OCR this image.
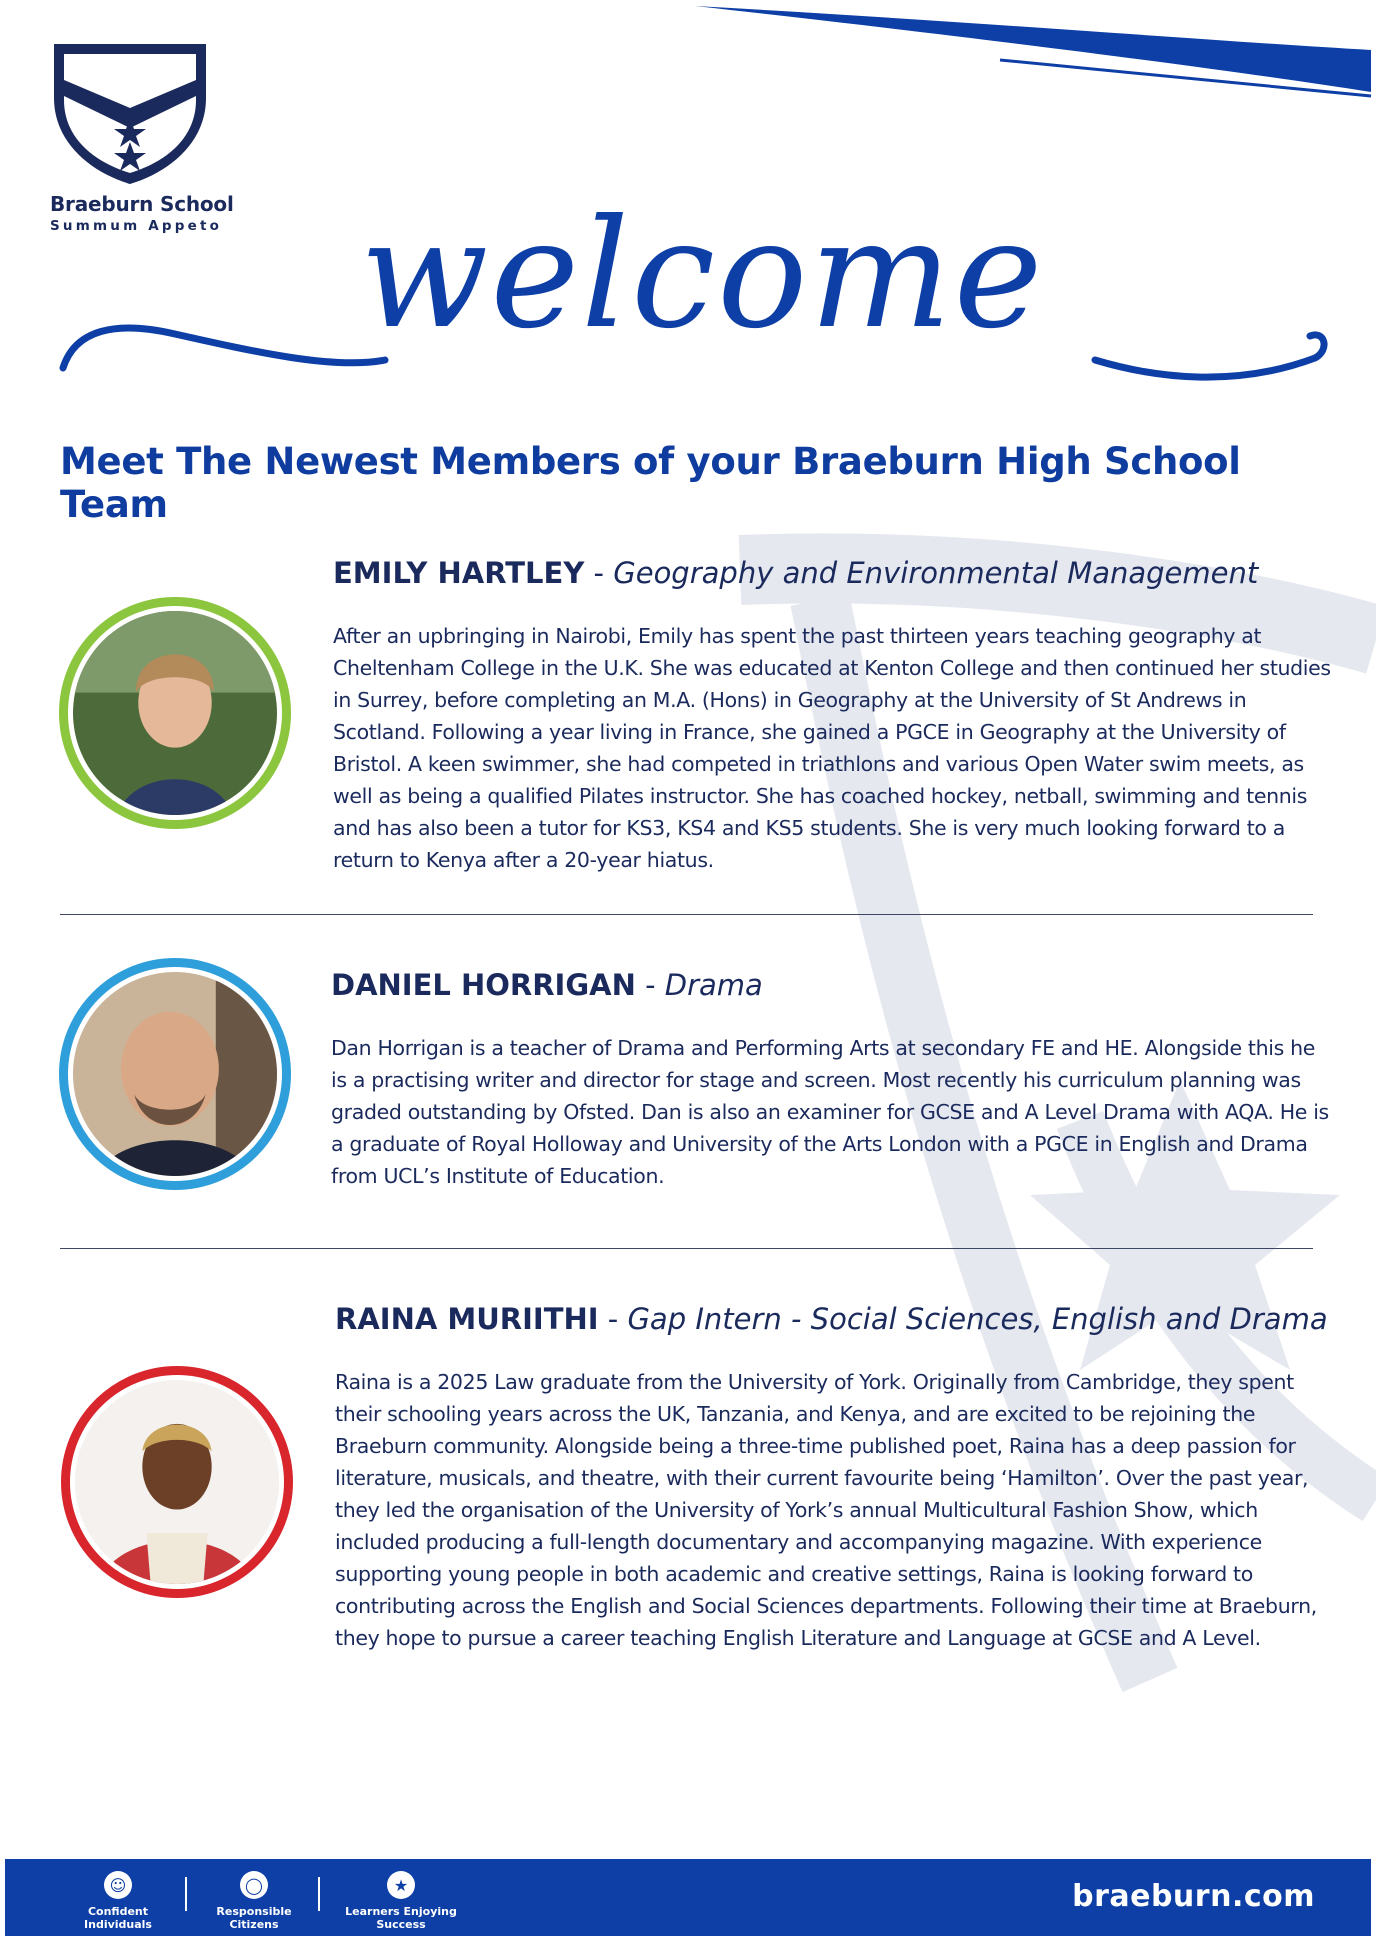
Braeburn School
Summum Appeto welcome
Meet The Newest Members of your Braeburn High School Team
EMILY HARTLEY - Geography and Environmental Management
After an upbringing in Nairobi, Emily has spent the past thirteen years teaching geography at Cheltenham College in the U.K. She was educated at Kenton College and then continued her studies in Surrey, before completing an M.A. (Hons) in Geography at the University of St Andrews in Scotland. Following a year living in France, she gained a PGCE in Geography at the University of Bristol. A keen swimmer, she had competed in triathlons and various Open Water swim meets, as well as being a qualified Pilates instructor. She has coached hockey, netball, swimming and tennis and has also been a tutor for KS3, KS4 and KS5 students. She is very much looking forward to a return to Kenya after a 20-year hiatus.
DANIEL HORRIGAN - Drama
Dan Horrigan is a teacher of Drama and Performing Arts at secondary FE and HE. Alongside this he is a practising writer and director for stage and screen. Most recently his curriculum planning was graded outstanding by Ofsted. Dan is also an examiner for GCSE and A Level Drama with AQA. He is a graduate of Royal Holloway and University of the Arts London with a PGCE in English and Drama from UCL’s Institute of Education.
RAINA MURIITHI - Gap Intern - Social Sciences, English and Drama
Raina is a 2025 Law graduate from the University of York. Originally from Cambridge, they spent their schooling years across the UK, Tanzania, and Kenya, and are excited to be rejoining the Braeburn community. Alongside being a three-time published poet, Raina has a deep passion for literature, musicals, and theatre, with their current favourite being ‘Hamilton’. Over the past year, they led the organisation of the University of York’s annual Multicultural Fashion Show, which included producing a full-length documentary and accompanying magazine. With experience supporting young people in both academic and creative settings, Raina is looking forward to contributing across the English and Social Sciences departments. Following their time at Braeburn, they hope to pursue a career teaching English Literature and Language at GCSE and A Level.
☺
Confident Individuals
◯
Responsible Citizens
★
Learners Enjoying Success
braeburn.com
